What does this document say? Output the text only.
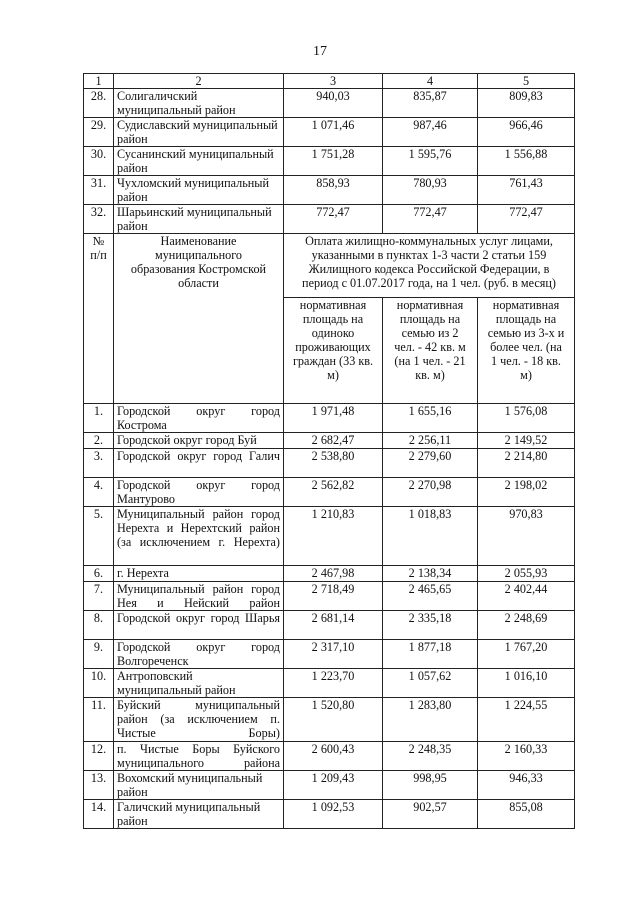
17
1	2	3	4	5
28.	Солигаличский муниципальный район	940,03	835,87	809,83
29.	Судиславский муниципальный район	1 071,46	987,46	966,46
30.	Сусанинский муниципальный район	1 751,28	1 595,76	1 556,88
31.	Чухломский муниципальный район	858,93	780,93	761,43
32.	Шарьинский муниципальный район	772,47	772,47	772,47
№ п/п	Наименование муниципального образования Костромской области	Оплата жилищно-коммунальных услуг лицами, указанными в пунктах 1-3 части 2 статьи 159 Жилищного кодекса Российской Федерации, в период с 01.07.2017 года, на 1 чел. (руб. в месяц)		
		нормативная площадь на одиноко проживающих граждан (33 кв. м)	нормативная площадь на семью из 2 чел. - 42 кв. м (на 1 чел. - 21 кв. м)	нормативная площадь на семью из 3-х и более чел. (на 1 чел. - 18 кв. м)
1.	Городской округ город Кострома	1 971,48	1 655,16	1 576,08
2.	Городской округ город Буй	2 682,47	2 256,11	2 149,52
3.	Городской округ город Галич	2 538,80	2 279,60	2 214,80
4.	Городской округ город Мантурово	2 562,82	2 270,98	2 198,02
5.	Муниципальный район город Нерехта и Нерехтский район (за исключением г. Нерехта)	1 210,83	1 018,83	970,83
6.	г. Нерехта	2 467,98	2 138,34	2 055,93
7.	Муниципальный район город Нея и Нейский район	2 718,49	2 465,65	2 402,44
8.	Городской округ город Шарья	2 681,14	2 335,18	2 248,69
9.	Городской округ город Волгореченск	2 317,10	1 877,18	1 767,20
10.	Антроповский муниципальный район	1 223,70	1 057,62	1 016,10
11.	Буйский муниципальный район (за исключением п. Чистые Боры)	1 520,80	1 283,80	1 224,55
12.	п. Чистые Боры Буйского муниципального района	2 600,43	2 248,35	2 160,33
13.	Вохомский муниципальный район	1 209,43	998,95	946,33
14.	Галичский муниципальный район	1 092,53	902,57	855,08
